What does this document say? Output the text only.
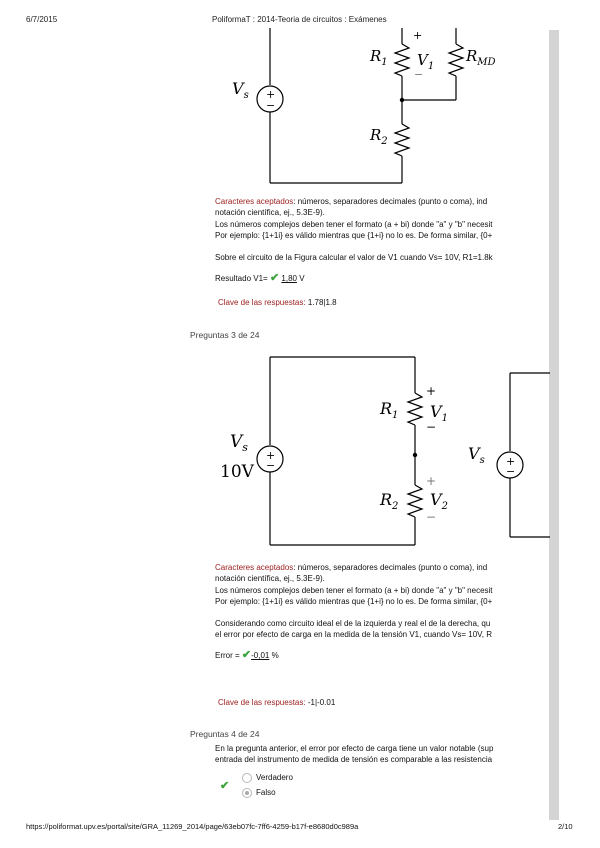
6/7/2015	PoliformaT : 2014-Teoria de circuitos : Exámenes
+
−
$V_s$
$R_1$
+
$V_1$
−
$R_{MD}$
$R_2$
Caracteres aceptados: números, separadores decimales (punto o coma), ind
notación científica, ej., 5.3E-9).
Los números complejos deben tener el formato (a + bi) donde "a" y "b" necesit
Por ejemplo: {1+1i} es válido mientras que {1+i} no lo es. De forma similar, {0+
Sobre el circuito de la Figura calcular el valor de V1 cuando Vs= 10V, R1=1.8k
Resultado V1= ✔ 1,80 V
Clave de las respuestas: 1.78|1.8
Preguntas 3 de 24
+
−	+
−
$V_s$
10V
$R_1$
+
$V_1$
−
$R_2$
+
$V_2$
−
$V_s$
Caracteres aceptados: números, separadores decimales (punto o coma), ind
notación científica, ej., 5.3E-9).
Los números complejos deben tener el formato (a + bi) donde "a" y "b" necesit
Por ejemplo: {1+1i} es válido mientras que {1+i} no lo es. De forma similar, {0+
Considerando como circuito ideal el de la izquierda y real el de la derecha, qu
el error por efecto de carga en la medida de la tensión V1, cuando Vs= 10V, R
Error = ✔-0,01 %
Clave de las respuestas: -1|-0.01
Preguntas 4 de 24
En la pregunta anterior, el error por efecto de carga tiene un valor notable (sup
entrada del instrumento de medida de tensión es comparable a las resistencia
✔
Verdadero
Falso
https://poliformat.upv.es/portal/site/GRA_11269_2014/page/63eb07fc-7ff6-4259-b17f-e8680d0c989a	2/10
